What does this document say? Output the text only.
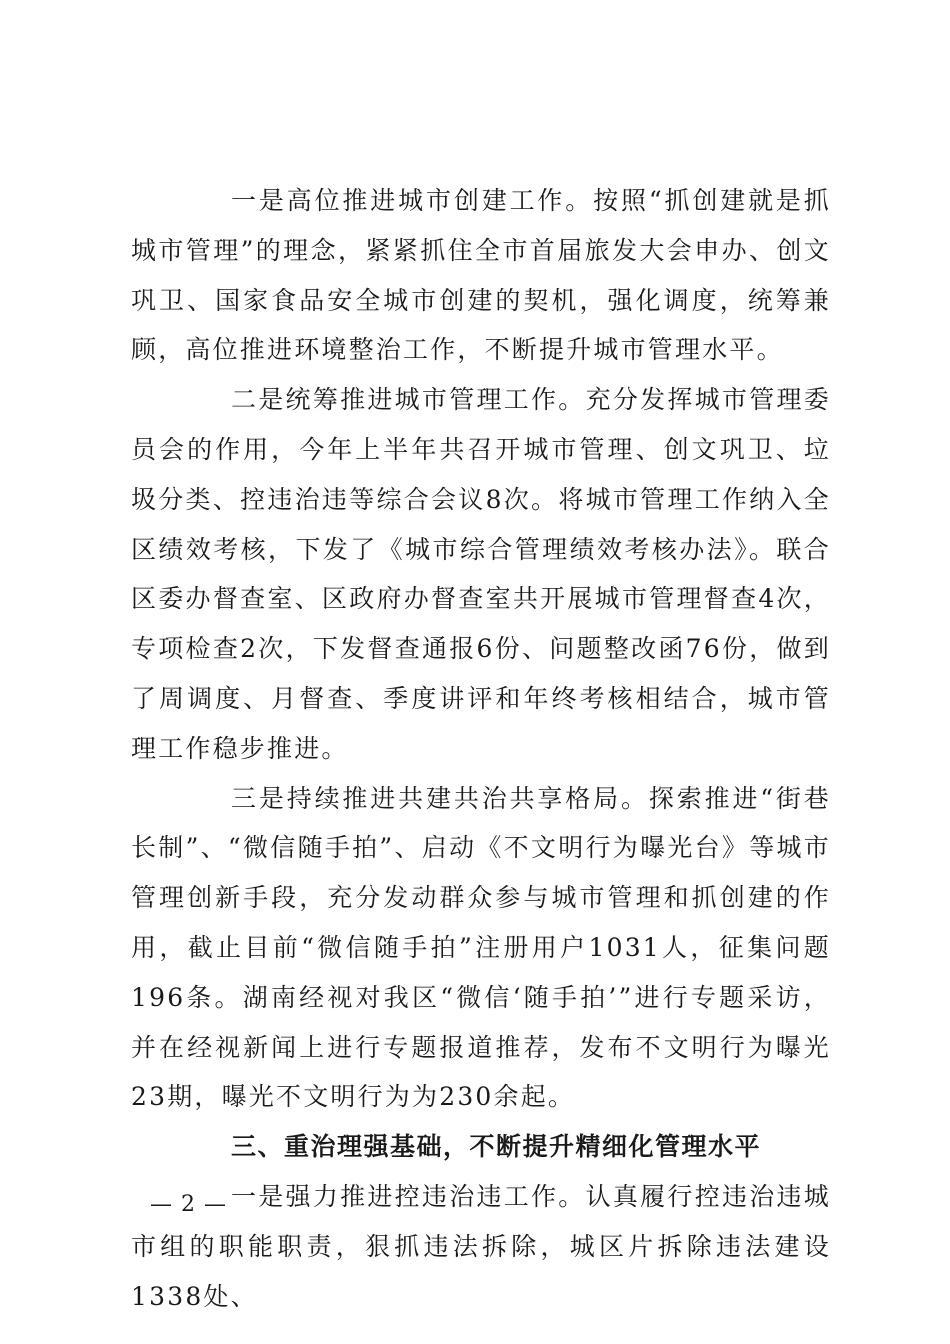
一是高位推进城市创建工作。按照“抓创建就是抓城市管理”的理念，紧紧抓住全市首届旅发大会申办、创文巩卫、国家食品安全城市创建的契机，强化调度，统筹兼顾，高位推进环境整治工作，不断提升城市管理水平。

二是统筹推进城市管理工作。充分发挥城市管理委员会的作用，今年上半年共召开城市管理、创文巩卫、垃圾分类、控违治违等综合会议8次。将城市管理工作纳入全区绩效考核，下发了《城市综合管理绩效考核办法》。联合区委办督查室、区政府办督查室共开展城市管理督查4次，专项检查2次，下发督查通报6份、问题整改函76份，做到了周调度、月督查、季度讲评和年终考核相结合，城市管理工作稳步推进。

三是持续推进共建共治共享格局。探索推进“街巷长制”、“微信随手拍”、启动《不文明行为曝光台》等城市管理创新手段，充分发动群众参与城市管理和抓创建的作用，截止目前“微信随手拍”注册用户1031人，征集问题196条。湖南经视对我区“微信‘随手拍’”进行专题采访，并在经视新闻上进行专题报道推荐，发布不文明行为曝光23期，曝光不文明行为为230余起。

三、重治理强基础，不断提升精细化管理水平

一是强力推进控违治违工作。认真履行控违治违城市组的职能职责，狠抓违法拆除，城区片拆除违法建设1338处、

— 2 —
